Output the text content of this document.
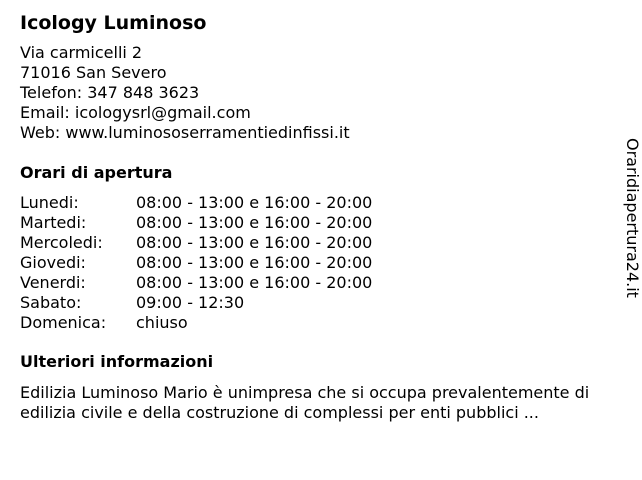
Icology Luminoso
Via carmicelli 2
71016 San Severo
Telefon: 347 848 3623
Email: icologysrl@gmail.com
Web: www.luminososerramentiedinfissi.it
Orari di apertura
Lunedi:	08:00 - 13:00 e 16:00 - 20:00
Martedi:	08:00 - 13:00 e 16:00 - 20:00
Mercoledi:	08:00 - 13:00 e 16:00 - 20:00
Giovedi:	08:00 - 13:00 e 16:00 - 20:00
Venerdi:	08:00 - 13:00 e 16:00 - 20:00
Sabato:	09:00 - 12:30
Domenica:	chiuso
Ulteriori informazioni
Edilizia Luminoso Mario è unimpresa che si occupa prevalentemente di edilizia civile e della costruzione di complessi per enti pubblici ...
Oraridiapertura24.it
